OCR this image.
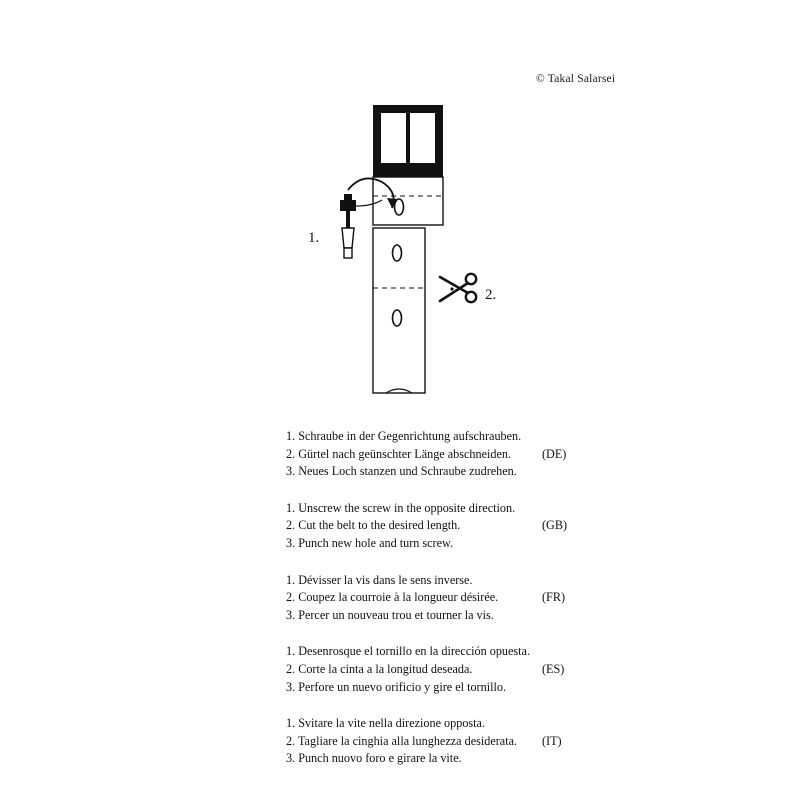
© Takal Salarsei
1.
2.
1. Schraube in der Gegenrichtung aufschrauben.
2. Gürtel nach geünschter Länge abschneiden.
3. Neues Loch stanzen und Schraube zudrehen.
(DE)
1. Unscrew the screw in the opposite direction.
2. Cut the belt to the desired length.
3. Punch new hole and turn screw.
(GB)
1. Dévisser la vis dans le sens inverse.
2. Coupez la courroie à la longueur désirée.
3. Percer un nouveau trou et tourner la vis.
(FR)
1. Desenrosque el tornillo en la dirección opuesta.
2. Corte la cinta a la longitud deseada.
3. Perfore un nuevo orificio y gire el tornillo.
(ES)
1. Svitare la vite nella direzione opposta.
2. Tagliare la cinghia alla lunghezza desiderata.
3. Punch nuovo foro e girare la vite.
(IT)
